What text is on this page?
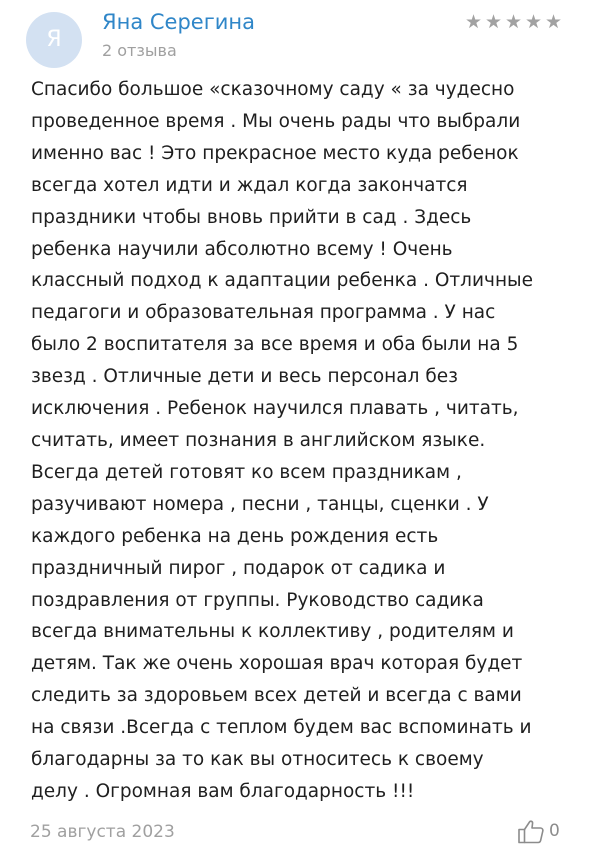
Я
Яна Серегина
2 отзыва
★ ★ ★ ★ ★

Спасибо большое «сказочному саду « за чудесно
проведенное время . Мы очень рады что выбрали
именно вас ! Это прекрасное место куда ребенок
всегда хотел идти и ждал когда закончатся
праздники чтобы вновь прийти в сад . Здесь
ребенка научили абсолютно всему ! Очень
классный подход к адаптации ребенка . Отличные
педагоги и образовательная программа . У нас
было 2 воспитателя за все время и оба были на 5
звезд . Отличные дети и весь персонал без
исключения . Ребенок научился плавать , читать,
считать, имеет познания в английском языке.
Всегда детей готовят ко всем праздникам ,
разучивают номера , песни , танцы, сценки . У
каждого ребенка на день рождения есть
праздничный пирог , подарок от садика и
поздравления от группы. Руководство садика
всегда внимательны к коллективу , родителям и
детям. Так же очень хорошая врач которая будет
следить за здоровьем всех детей и всегда с вами
на связи .Всегда с теплом будем вас вспоминать и
благодарны за то как вы относитесь к своему
делу . Огромная вам благодарность !!!

25 августа 2023	0
